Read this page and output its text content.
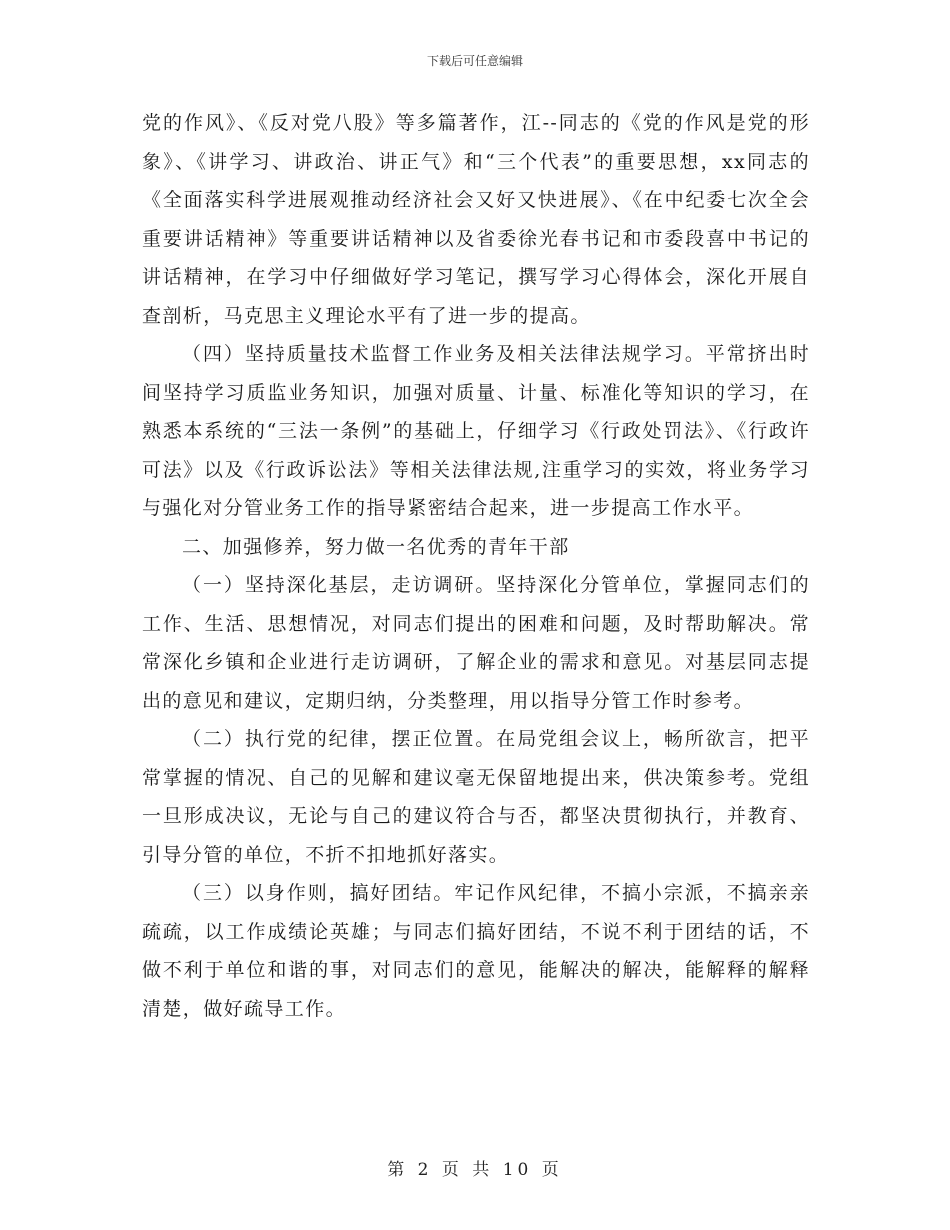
下载后可任意编辑

党的作风》、《反对党八股》等多篇著作，江--同志的《党的作风是党的形象》、《讲学习、讲政治、讲正气》和“三个代表”的重要思想，xx同志的《全面落实科学进展观推动经济社会又好又快进展》、《在中纪委七次全会重要讲话精神》等重要讲话精神以及省委徐光春书记和市委段喜中书记的讲话精神，在学习中仔细做好学习笔记，撰写学习心得体会，深化开展自查剖析，马克思主义理论水平有了进一步的提高。

（四）坚持质量技术监督工作业务及相关法律法规学习。平常挤出时间坚持学习质监业务知识，加强对质量、计量、标准化等知识的学习，在熟悉本系统的“三法一条例”的基础上，仔细学习《行政处罚法》、《行政许可法》以及《行政诉讼法》等相关法律法规,注重学习的实效，将业务学习与强化对分管业务工作的指导紧密结合起来，进一步提高工作水平。

二、加强修养，努力做一名优秀的青年干部

（一）坚持深化基层，走访调研。坚持深化分管单位，掌握同志们的工作、生活、思想情况，对同志们提出的困难和问题，及时帮助解决。常常深化乡镇和企业进行走访调研，了解企业的需求和意见。对基层同志提出的意见和建议，定期归纳，分类整理，用以指导分管工作时参考。

（二）执行党的纪律，摆正位置。在局党组会议上，畅所欲言，把平常掌握的情况、自己的见解和建议毫无保留地提出来，供决策参考。党组一旦形成决议，无论与自己的建议符合与否，都坚决贯彻执行，并教育、引导分管的单位，不折不扣地抓好落实。

（三）以身作则，搞好团结。牢记作风纪律，不搞小宗派，不搞亲亲疏疏，以工作成绩论英雄；与同志们搞好团结，不说不利于团结的话，不做不利于单位和谐的事，对同志们的意见，能解决的解决，能解释的解释清楚，做好疏导工作。

第 2 页 共 10 页
